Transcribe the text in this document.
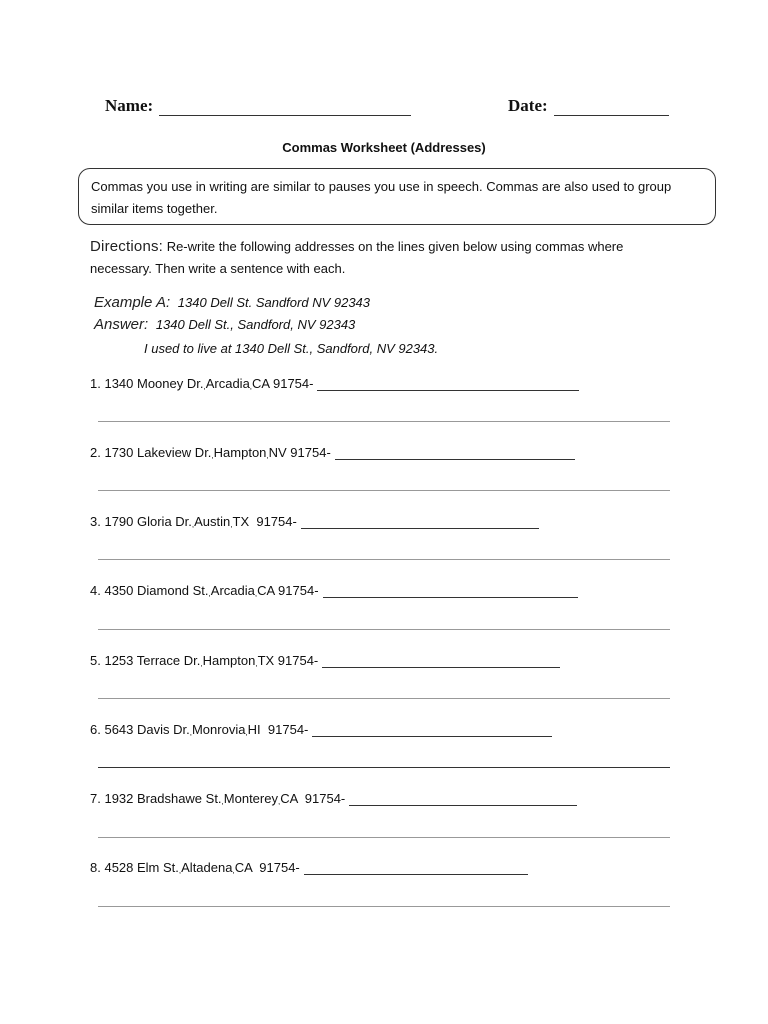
Name:	Date:
Commas Worksheet (Addresses)
Commas you use in writing are similar to pauses you use in speech. Commas are also used to group similar items together.
Directions: Re-write the following addresses on the lines given below using commas where necessary. Then write a sentence with each.
Example A: 1340 Dell St. Sandford NV 92343
Answer: 1340 Dell St., Sandford, NV 92343
I used to live at 1340 Dell St., Sandford, NV 92343.
1. 1340 Mooney Dr.,Arcadia,CA 91754-
2. 1730 Lakeview Dr.,Hampton,NV 91754-
3. 1790 Gloria Dr.,Austin,TX  91754-
4. 4350 Diamond St.,Arcadia,CA 91754-
5. 1253 Terrace Dr.,Hampton,TX 91754-
6. 5643 Davis Dr.,Monrovia,HI  91754-
7. 1932 Bradshawe St.,Monterey,CA  91754-
8. 4528 Elm St.,Altadena,CA  91754-
